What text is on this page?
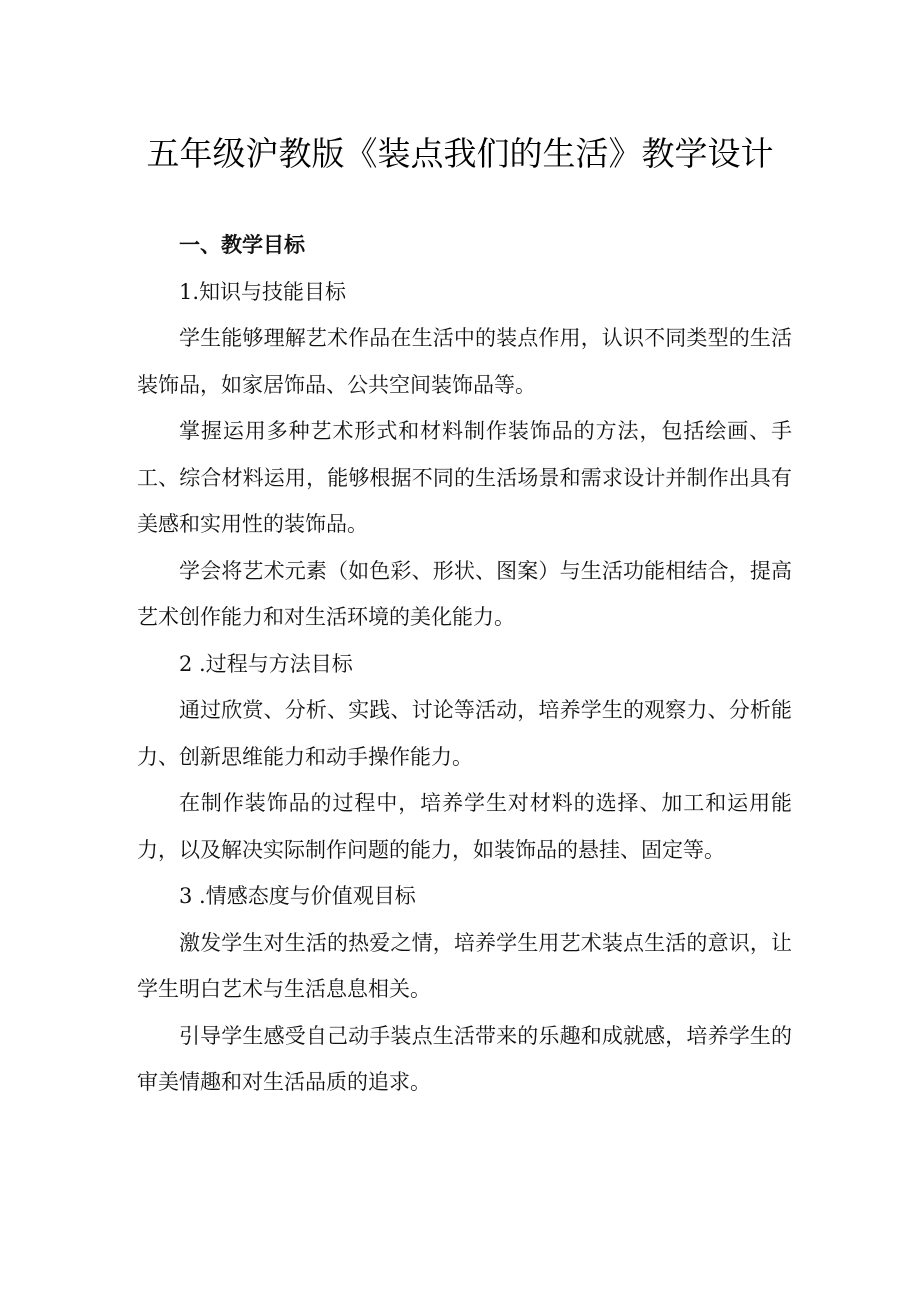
五年级沪教版《装点我们的生活》教学设计

一、教学目标

1.知识与技能目标

学生能够理解艺术作品在生活中的装点作用，认识不同类型的生活装饰品，如家居饰品、公共空间装饰品等。

掌握运用多种艺术形式和材料制作装饰品的方法，包括绘画、手工、综合材料运用，能够根据不同的生活场景和需求设计并制作出具有美感和实用性的装饰品。

学会将艺术元素（如色彩、形状、图案）与生活功能相结合，提高艺术创作能力和对生活环境的美化能力。

2 .过程与方法目标

通过欣赏、分析、实践、讨论等活动，培养学生的观察力、分析能力、创新思维能力和动手操作能力。

在制作装饰品的过程中，培养学生对材料的选择、加工和运用能力，以及解决实际制作问题的能力，如装饰品的悬挂、固定等。

3 .情感态度与价值观目标

激发学生对生活的热爱之情，培养学生用艺术装点生活的意识，让学生明白艺术与生活息息相关。

引导学生感受自己动手装点生活带来的乐趣和成就感，培养学生的审美情趣和对生活品质的追求。
